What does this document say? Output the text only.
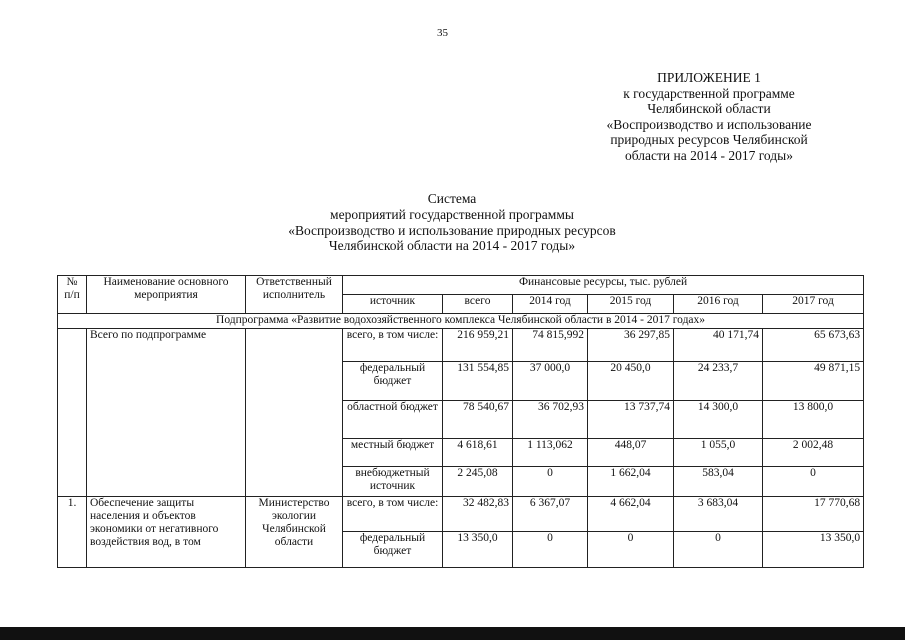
35
ПРИЛОЖЕНИЕ 1
к государственной программе
Челябинской области
«Воспроизводство и использование
природных ресурсов Челябинской
области на 2014 - 2017 годы»
Система
мероприятий государственной программы
«Воспроизводство и использование природных ресурсов
Челябинской области на 2014 - 2017 годы»
№ п/п	Наименование основного мероприятия	Ответственный исполнитель	Финансовые ресурсы, тыс. рублей					
			источник	всего	2014 год	2015 год	2016 год	2017 год
Подпрограмма «Развитие водохозяйственного комплекса Челябинской области в 2014 - 2017 годах»								
	Всего по подпрограмме		всего, в том числе:	216 959,21	74 815,992	36 297,85	40 171,74	65 673,63
			федеральный бюджет	131 554,85	37 000,0	20 450,0	24 233,7	49 871,15
			областной бюджет	78 540,67	36 702,93	13 737,74	14 300,0	13 800,0
			местный бюджет	4 618,61	1 113,062	448,07	1 055,0	2 002,48
			внебюджетный источник	2 245,08	0	1 662,04	583,04	0
1.	Обеспечение защиты населения и объектов экономики от негативного воздействия вод, в том	Министерство экологии Челябинской области	всего, в том числе:	32 482,83	6 367,07	4 662,04	3 683,04	17 770,68
			федеральный бюджет	13 350,0	0	0	0	13 350,0
